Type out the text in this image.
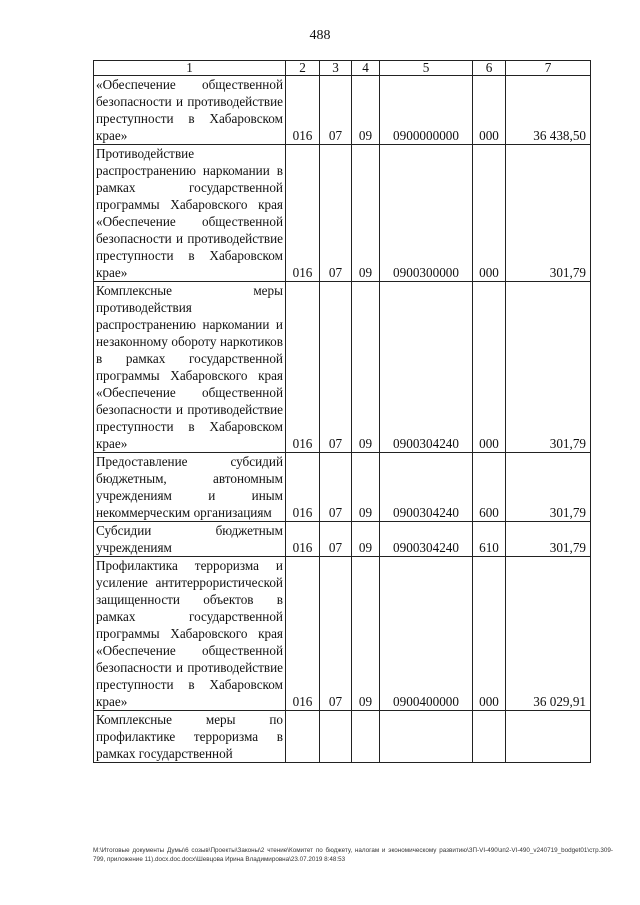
488
1	2	3	4	5	6	7
«Обеспечение общественной безопасности и противодействие преступности в Хабаровском крае»	016	07	09	0900000000	000	36 438,50
Противодействие распространению наркомании в рамках государственной программы Хабаровского края «Обеспечение общественной безопасности и противодействие преступности в Хабаровском крае»	016	07	09	0900300000	000	301,79
Комплексные меры противодействия распространению наркомании и незаконному обороту наркотиков в рамках государственной программы Хабаровского края «Обеспечение общественной безопасности и противодействие преступности в Хабаровском крае»	016	07	09	0900304240	000	301,79
Предоставление субсидий бюджетным, автономным учреждениям и иным некоммерческим организациям	016	07	09	0900304240	600	301,79
Субсидии бюджетным учреждениям	016	07	09	0900304240	610	301,79
Профилактика терроризма и усиление антитеррористической защищенности объектов в рамках государственной программы Хабаровского края «Обеспечение общественной безопасности и противодействие преступности в Хабаровском крае»	016	07	09	0900400000	000	36 029,91
Комплексные меры по профилактике терроризма в рамках государственной						
М:\Итоговые документы Думы\6 созыв\Проекты\Законы\2 чтение\Комитет по бюджету, налогам и экономическому развитию\ЗП-VI-490\зп2-VI-490_v240719_bodget01\стр.309-799, приложение 11).docx.doc.docx\Шевцова Ирина Владимировна\23.07.2019 8:48:53
